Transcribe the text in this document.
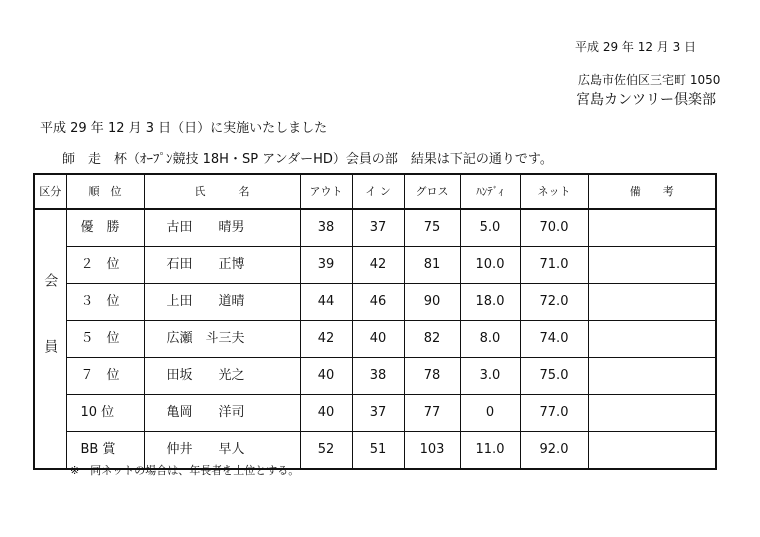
平成 29 年 12 月 3 日
広島市佐伯区三宅町 1050
宮島カンツリー倶楽部
平成 29 年 12 月 3 日（日）に実施いたしました
師　走　杯（ｵｰﾌﾟﾝ競技 18H・SP アンダーHD）会員の部　結果は下記の通りです。
区分	順　位	氏　　　名	アウト	イ ン	グロス	ﾊﾝﾃﾞｨ	ネット	備　　考
会員	優　勝	古田　　晴男	38	37	75	5.0	70.0	
	２　位	石田　　正博	39	42	81	10.0	71.0	
	３　位	上田　　道晴	44	46	90	18.0	72.0	
	５　位	広瀬　斗三夫	42	40	82	8.0	74.0	
	７　位	田坂　　光之	40	38	78	3.0	75.0	
	10 位	亀岡　　洋司	40	37	77	0	77.0	
	BB 賞	仲井　　早人	52	51	103	11.0	92.0	
※　同ネットの場合は、年長者を上位とする。
